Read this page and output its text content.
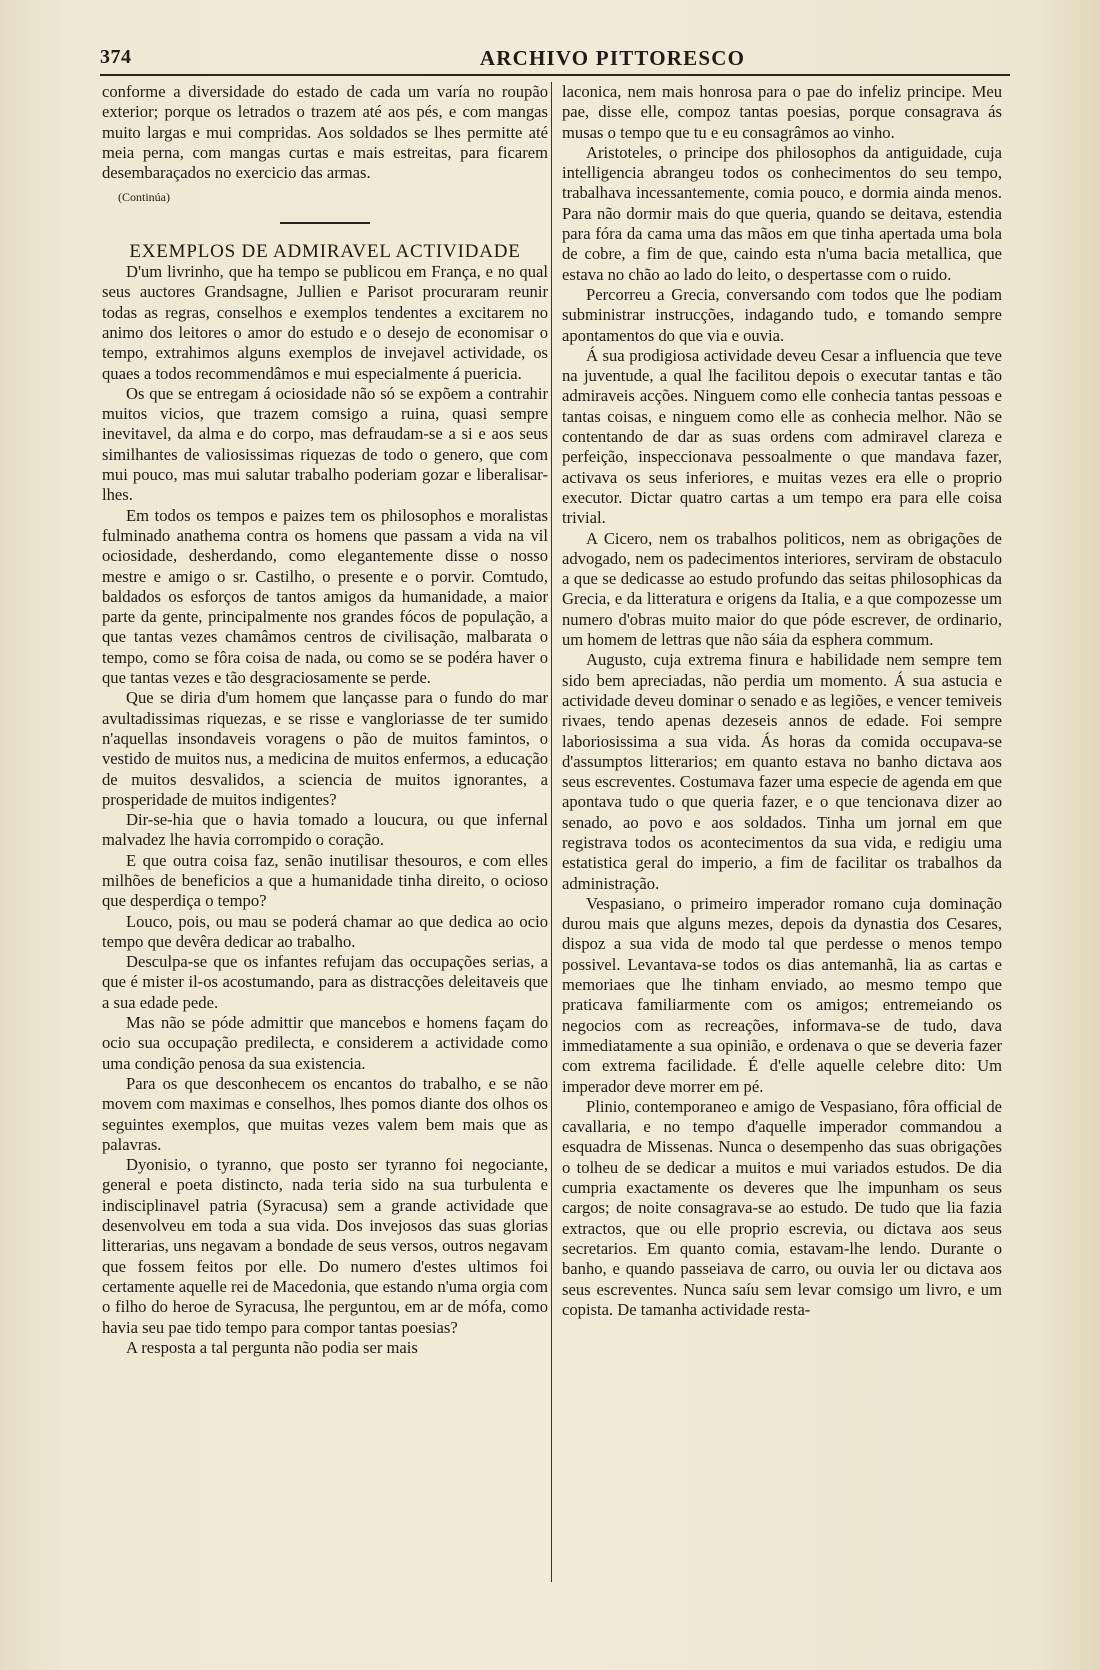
374	ARCHIVO PITTORESCO

conforme a diversidade do estado de cada um varía no roupão exterior; porque os letrados o trazem até aos pés, e com mangas muito largas e mui compridas. Aos soldados se lhes permitte até meia perna, com mangas curtas e mais estreitas, para ficarem desembaraçados no exercicio das armas.

(Continúa)

EXEMPLOS DE ADMIRAVEL ACTIVIDADE

D'um livrinho, que ha tempo se publicou em França, e no qual seus auctores Grandsagne, Jullien e Parisot procuraram reunir todas as regras, conselhos e exemplos tendentes a excitarem no animo dos leitores o amor do estudo e o desejo de economisar o tempo, extrahimos alguns exemplos de invejavel actividade, os quaes a todos recommendâmos e mui especialmente á puericia.

Os que se entregam á ociosidade não só se expõem a contrahir muitos vicios, que trazem comsigo a ruina, quasi sempre inevitavel, da alma e do corpo, mas defraudam-se a si e aos seus similhantes de valiosissimas riquezas de todo o genero, que com mui pouco, mas mui salutar trabalho poderiam gozar e liberalisar-lhes.

Em todos os tempos e paizes tem os philosophos e moralistas fulminado anathema contra os homens que passam a vida na vil ociosidade, desherdando, como elegantemente disse o nosso mestre e amigo o sr. Castilho, o presente e o porvir. Comtudo, baldados os esforços de tantos amigos da humanidade, a maior parte da gente, principalmente nos grandes fócos de população, a que tantas vezes chamâmos centros de civilisação, malbarata o tempo, como se fôra coisa de nada, ou como se se podéra haver o que tantas vezes e tão desgraciosamente se perde.

Que se diria d'um homem que lançasse para o fundo do mar avultadissimas riquezas, e se risse e vangloriasse de ter sumido n'aquellas insondaveis voragens o pão de muitos famintos, o vestido de muitos nus, a medicina de muitos enfermos, a educação de muitos desvalidos, a sciencia de muitos ignorantes, a prosperidade de muitos indigentes?

Dir-se-hia que o havia tomado a loucura, ou que infernal malvadez lhe havia corrompido o coração.

E que outra coisa faz, senão inutilisar thesouros, e com elles milhões de beneficios a que a humanidade tinha direito, o ocioso que desperdiça o tempo?

Louco, pois, ou mau se poderá chamar ao que dedica ao ocio tempo que devêra dedicar ao trabalho.

Desculpa-se que os infantes refujam das occupações serias, a que é mister il-os acostumando, para as distracções deleitaveis que a sua edade pede.

Mas não se póde admittir que mancebos e homens façam do ocio sua occupação predilecta, e considerem a actividade como uma condição penosa da sua existencia.

Para os que desconhecem os encantos do trabalho, e se não movem com maximas e conselhos, lhes pomos diante dos olhos os seguintes exemplos, que muitas vezes valem bem mais que as palavras.

Dyonisio, o tyranno, que posto ser tyranno foi negociante, general e poeta distincto, nada teria sido na sua turbulenta e indisciplinavel patria (Syracusa) sem a grande actividade que desenvolveu em toda a sua vida. Dos invejosos das suas glorias litterarias, uns negavam a bondade de seus versos, outros negavam que fossem feitos por elle. Do numero d'estes ultimos foi certamente aquelle rei de Macedonia, que estando n'uma orgia com o filho do heroe de Syracusa, lhe perguntou, em ar de mófa, como havia seu pae tido tempo para compor tantas poesias?

A resposta a tal pergunta não podia ser mais

laconica, nem mais honrosa para o pae do infeliz principe. Meu pae, disse elle, compoz tantas poesias, porque consagrava ás musas o tempo que tu e eu consagrâmos ao vinho.

Aristoteles, o principe dos philosophos da antiguidade, cuja intelligencia abrangeu todos os conhecimentos do seu tempo, trabalhava incessantemente, comia pouco, e dormia ainda menos. Para não dormir mais do que queria, quando se deitava, estendia para fóra da cama uma das mãos em que tinha apertada uma bola de cobre, a fim de que, caindo esta n'uma bacia metallica, que estava no chão ao lado do leito, o despertasse com o ruido.

Percorreu a Grecia, conversando com todos que lhe podiam subministrar instrucções, indagando tudo, e tomando sempre apontamentos do que via e ouvia.

Á sua prodigiosa actividade deveu Cesar a influencia que teve na juventude, a qual lhe facilitou depois o executar tantas e tão admiraveis acções. Ninguem como elle conhecia tantas pessoas e tantas coisas, e ninguem como elle as conhecia melhor. Não se contentando de dar as suas ordens com admiravel clareza e perfeição, inspeccionava pessoalmente o que mandava fazer, activava os seus inferiores, e muitas vezes era elle o proprio executor. Dictar quatro cartas a um tempo era para elle coisa trivial.

A Cicero, nem os trabalhos politicos, nem as obrigações de advogado, nem os padecimentos interiores, serviram de obstaculo a que se dedicasse ao estudo profundo das seitas philosophicas da Grecia, e da litteratura e origens da Italia, e a que compozesse um numero d'obras muito maior do que póde escrever, de ordinario, um homem de lettras que não sáia da esphera commum.

Augusto, cuja extrema finura e habilidade nem sempre tem sido bem apreciadas, não perdia um momento. Á sua astucia e actividade deveu dominar o senado e as legiões, e vencer temiveis rivaes, tendo apenas dezeseis annos de edade. Foi sempre laboriosissima a sua vida. Ás horas da comida occupava-se d'assumptos litterarios; em quanto estava no banho dictava aos seus escreventes. Costumava fazer uma especie de agenda em que apontava tudo o que queria fazer, e o que tencionava dizer ao senado, ao povo e aos soldados. Tinha um jornal em que registrava todos os acontecimentos da sua vida, e redigiu uma estatistica geral do imperio, a fim de facilitar os trabalhos da administração.

Vespasiano, o primeiro imperador romano cuja dominação durou mais que alguns mezes, depois da dynastia dos Cesares, dispoz a sua vida de modo tal que perdesse o menos tempo possivel. Levantava-se todos os dias antemanhã, lia as cartas e memoriaes que lhe tinham enviado, ao mesmo tempo que praticava familiarmente com os amigos; entremeiando os negocios com as recreações, informava-se de tudo, dava immediatamente a sua opinião, e ordenava o que se deveria fazer com extrema facilidade. É d'elle aquelle celebre dito: Um imperador deve morrer em pé.

Plinio, contemporaneo e amigo de Vespasiano, fôra official de cavallaria, e no tempo d'aquelle imperador commandou a esquadra de Missenas. Nunca o desempenho das suas obrigações o tolheu de se dedicar a muitos e mui variados estudos. De dia cumpria exactamente os deveres que lhe impunham os seus cargos; de noite consagrava-se ao estudo. De tudo que lia fazia extractos, que ou elle proprio escrevia, ou dictava aos seus secretarios. Em quanto comia, estavam-lhe lendo. Durante o banho, e quando passeiava de carro, ou ouvia ler ou dictava aos seus escreventes. Nunca saíu sem levar comsigo um livro, e um copista. De tamanha actividade resta-
